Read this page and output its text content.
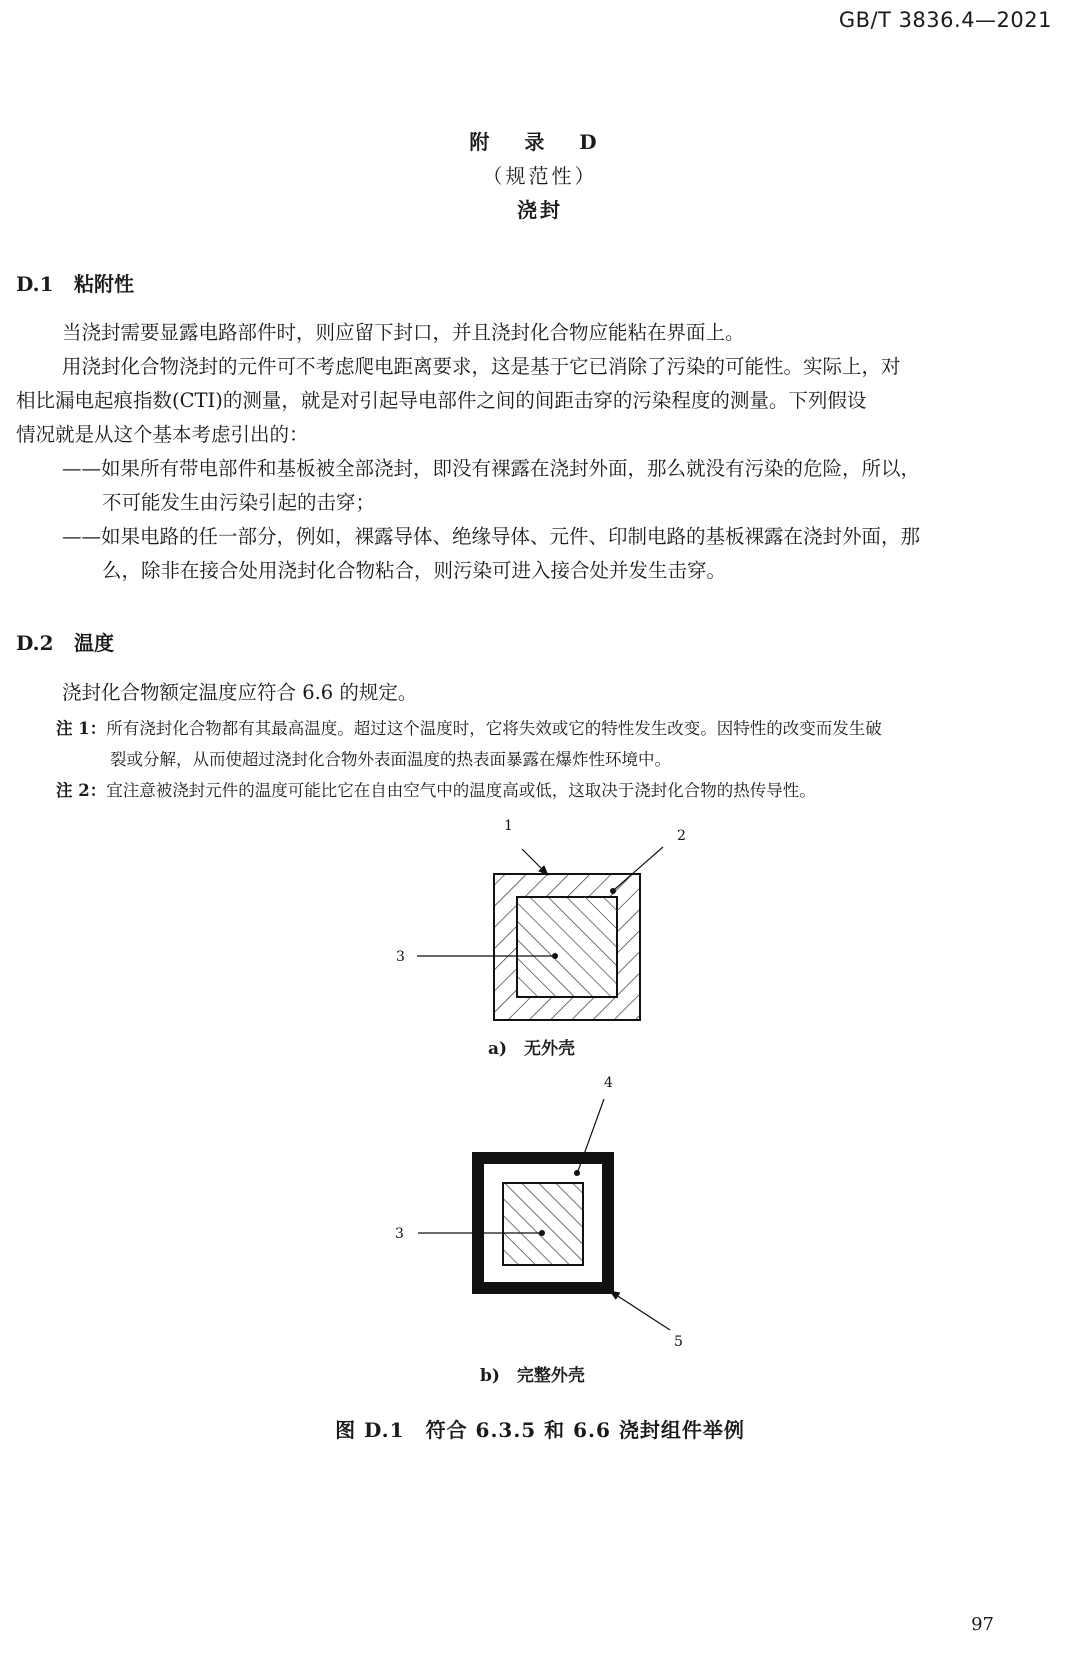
GB/T 3836.4—2021
附 录 D
（规范性）
浇封
D.1 粘附性
当浇封需要显露电路部件时，则应留下封口，并且浇封化合物应能粘在界面上。
用浇封化合物浇封的元件可不考虑爬电距离要求，这是基于它已消除了污染的可能性。实际上，对
相比漏电起痕指数(CTI)的测量，就是对引起导电部件之间的间距击穿的污染程度的测量。下列假设
情况就是从这个基本考虑引出的：
——如果所有带电部件和基板被全部浇封，即没有裸露在浇封外面，那么就没有污染的危险，所以，
不可能发生由污染引起的击穿；
——如果电路的任一部分，例如，裸露导体、绝缘导体、元件、印制电路的基板裸露在浇封外面，那
么，除非在接合处用浇封化合物粘合，则污染可进入接合处并发生击穿。
D.2 温度
浇封化合物额定温度应符合 6.6 的规定。
注 1：所有浇封化合物都有其最高温度。超过这个温度时，它将失效或它的特性发生改变。因特性的改变而发生破
裂或分解，从而使超过浇封化合物外表面温度的热表面暴露在爆炸性环境中。
注 2：宜注意被浇封元件的温度可能比它在自由空气中的温度高或低，这取决于浇封化合物的热传导性。
1
2
3
3
4
5
a)　无外壳
b)　完整外壳
图 D.1　符合 6.3.5 和 6.6 浇封组件举例
97
